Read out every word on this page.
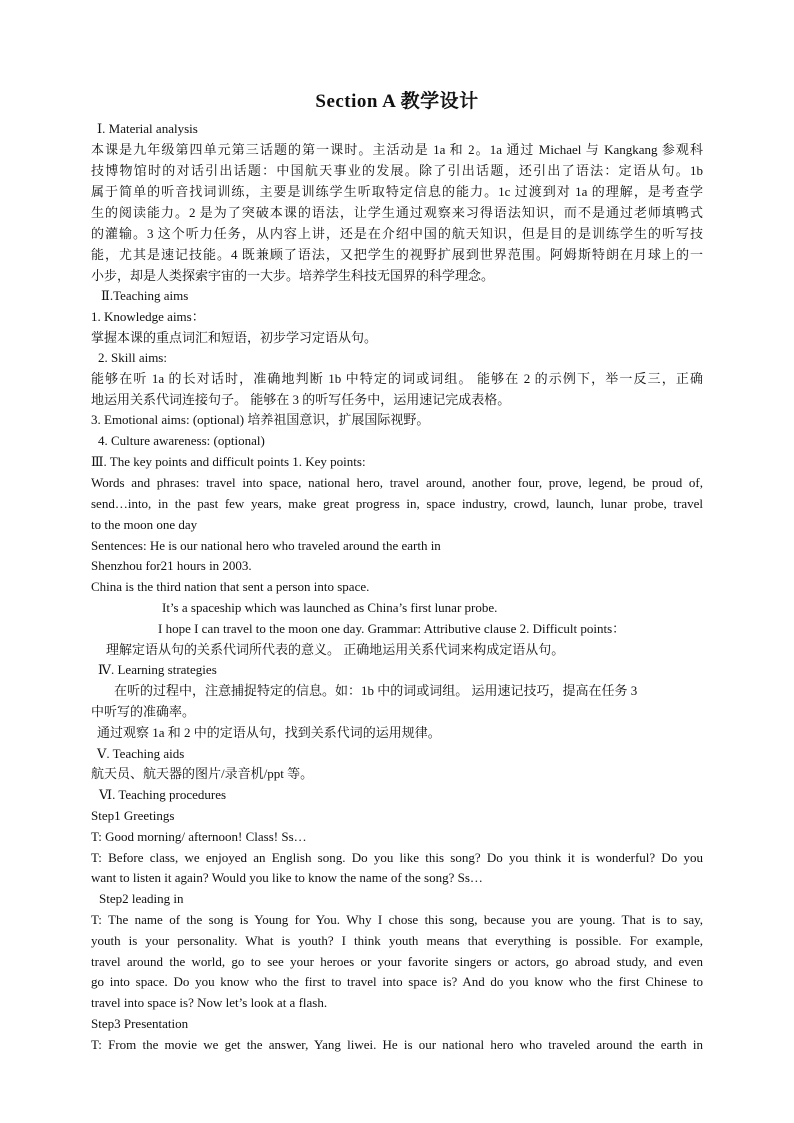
Section A 教学设计
Ⅰ. Material analysis
本课是九年级第四单元第三话题的第一课时。主活动是 1a 和 2。1a 通过 Michael 与 Kangkang 参观科
技博物馆时的对话引出话题：中国航天事业的发展。除了引出话题，还引出了语法：定语从句。1b
属于简单的听音找词训练，主要是训练学生听取特定信息的能力。1c 过渡到对 1a 的理解，是考查学
生的阅读能力。2 是为了突破本课的语法，让学生通过观察来习得语法知识，而不是通过老师填鸭式
的灌输。3 这个听力任务，从内容上讲，还是在介绍中国的航天知识，但是目的是训练学生的听写技
能，尤其是速记技能。4 既兼顾了语法，又把学生的视野扩展到世界范围。阿姆斯特朗在月球上的一
小步，却是人类探索宇宙的一大步。培养学生科技无国界的科学理念。
Ⅱ.Teaching aims
1. Knowledge aims：
掌握本课的重点词汇和短语，初步学习定语从句。
2. Skill aims:
能够在听 1a 的长对话时，准确地判断 1b 中特定的词或词组。 能够在 2 的示例下，举一反三，正确
地运用关系代词连接句子。 能够在 3 的听写任务中，运用速记完成表格。
3. Emotional aims: (optional) 培养祖国意识，扩展国际视野。
4. Culture awareness: (optional)
Ⅲ. The key points and difficult points 1. Key points:
Words and phrases: travel into space, national hero, travel around, another four, prove, legend, be proud of,
send…into, in the past few years, make great progress in, space industry, crowd, launch, lunar probe, travel
to the moon one day
Sentences: He is our national hero who traveled around the earth in
Shenzhou for21 hours in 2003.
China is the third nation that sent a person into space.
It’s a spaceship which was launched as China’s first lunar probe.
I hope I can travel to the moon one day. Grammar: Attributive clause 2. Difficult points：
理解定语从句的关系代词所代表的意义。 正确地运用关系代词来构成定语从句。
Ⅳ. Learning strategies
在听的过程中，注意捕捉特定的信息。如：1b 中的词或词组。 运用速记技巧，提高在任务 3
中听写的准确率。
通过观察 1a 和 2 中的定语从句，找到关系代词的运用规律。
Ⅴ. Teaching aids
航天员、航天器的图片/录音机/ppt 等。
Ⅵ. Teaching procedures
Step1 Greetings
T: Good morning/ afternoon! Class! Ss…
T: Before class, we enjoyed an English song. Do you like this song? Do you think it is wonderful? Do you
want to listen it again? Would you like to know the name of the song? Ss…
Step2 leading in
T: The name of the song is Young for You. Why I chose this song, because you are young. That is to say,
youth is your personality. What is youth? I think youth means that everything is possible. For example,
travel around the world, go to see your heroes or your favorite singers or actors, go abroad study, and even
go into space. Do you know who the first to travel into space is? And do you know who the first Chinese to
travel into space is? Now let’s look at a flash.
Step3 Presentation
T: From the movie we get the answer, Yang liwei. He is our national hero who traveled around the earth in
